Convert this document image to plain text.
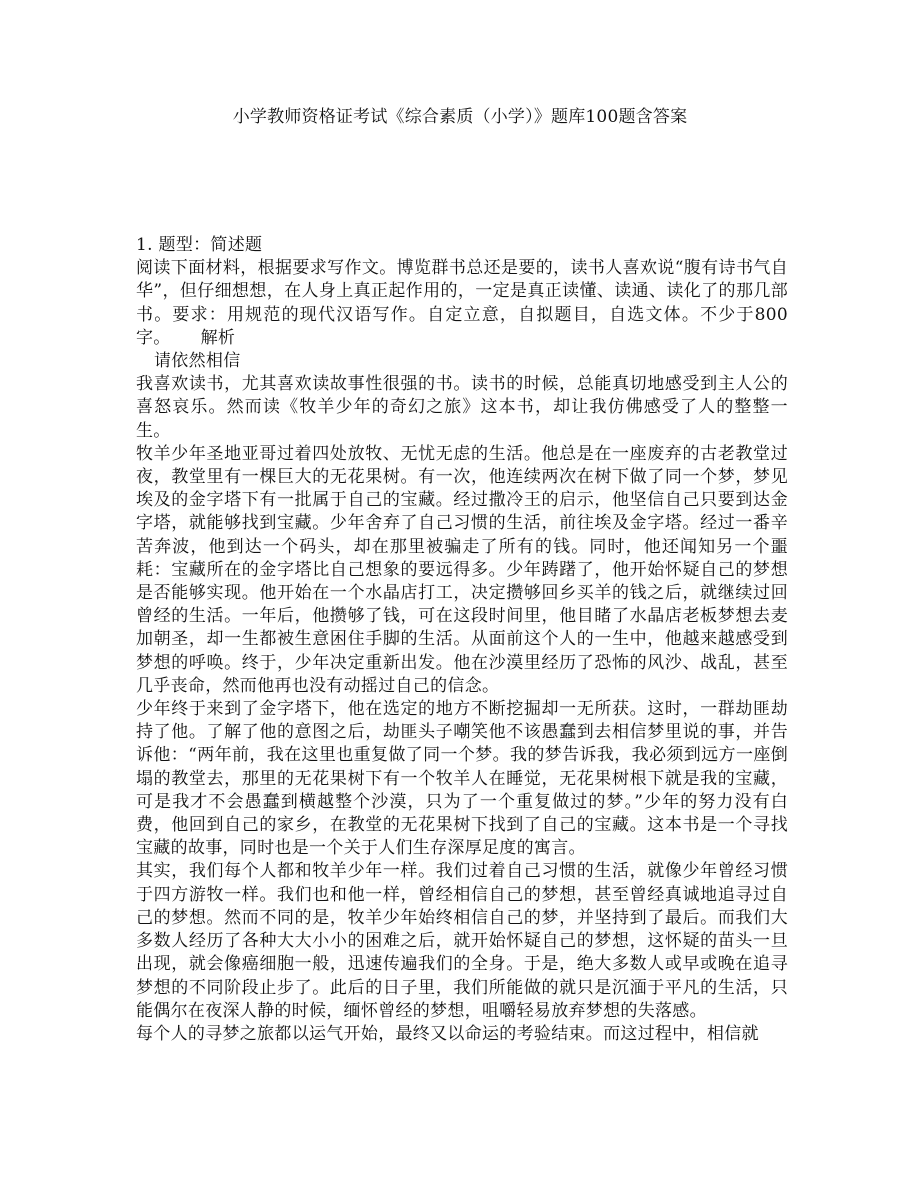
小学教师资格证考试《综合素质（小学）》题库100题含答案

1. 题型：简述题

阅读下面材料，根据要求写作文。博览群书总还是要的，读书人喜欢说“腹有诗书气自华”，但仔细想想，在人身上真正起作用的，一定是真正读懂、读通、读化了的那几部书。要求：用规范的现代汉语写作。自定立意，自拟题目，自选文体。不少于800字。 解析

请依然相信

我喜欢读书，尤其喜欢读故事性很强的书。读书的时候，总能真切地感受到主人公的喜怒哀乐。然而读《牧羊少年的奇幻之旅》这本书，却让我仿佛感受了人的整整一生。

牧羊少年圣地亚哥过着四处放牧、无忧无虑的生活。他总是在一座废弃的古老教堂过夜，教堂里有一棵巨大的无花果树。有一次，他连续两次在树下做了同一个梦，梦见埃及的金字塔下有一批属于自己的宝藏。经过撒冷王的启示，他坚信自己只要到达金字塔，就能够找到宝藏。少年舍弃了自己习惯的生活，前往埃及金字塔。经过一番辛苦奔波，他到达一个码头，却在那里被骗走了所有的钱。同时，他还闻知另一个噩耗：宝藏所在的金字塔比自己想象的要远得多。少年踌躇了，他开始怀疑自己的梦想是否能够实现。他开始在一个水晶店打工，决定攒够回乡买羊的钱之后，就继续过回曾经的生活。一年后，他攒够了钱，可在这段时间里，他目睹了水晶店老板梦想去麦加朝圣，却一生都被生意困住手脚的生活。从面前这个人的一生中，他越来越感受到梦想的呼唤。终于，少年决定重新出发。他在沙漠里经历了恐怖的风沙、战乱，甚至几乎丧命，然而他再也没有动摇过自己的信念。

少年终于来到了金字塔下，他在选定的地方不断挖掘却一无所获。这时，一群劫匪劫持了他。了解了他的意图之后，劫匪头子嘲笑他不该愚蠢到去相信梦里说的事，并告诉他：“两年前，我在这里也重复做了同一个梦。我的梦告诉我，我必须到远方一座倒塌的教堂去，那里的无花果树下有一个牧羊人在睡觉，无花果树根下就是我的宝藏，可是我才不会愚蠢到横越整个沙漠，只为了一个重复做过的梦。”少年的努力没有白费，他回到自己的家乡，在教堂的无花果树下找到了自己的宝藏。这本书是一个寻找宝藏的故事，同时也是一个关于人们生存深厚足度的寓言。

其实，我们每个人都和牧羊少年一样。我们过着自己习惯的生活，就像少年曾经习惯于四方游牧一样。我们也和他一样，曾经相信自己的梦想，甚至曾经真诚地追寻过自己的梦想。然而不同的是，牧羊少年始终相信自己的梦，并坚持到了最后。而我们大多数人经历了各种大大小小的困难之后，就开始怀疑自己的梦想，这怀疑的苗头一旦出现，就会像癌细胞一般，迅速传遍我们的全身。于是，绝大多数人或早或晚在追寻梦想的不同阶段止步了。此后的日子里，我们所能做的就只是沉湎于平凡的生活，只能偶尔在夜深人静的时候，缅怀曾经的梦想，咀嚼轻易放弃梦想的失落感。

每个人的寻梦之旅都以运气开始，最终又以命运的考验结束。而这过程中，相信就
